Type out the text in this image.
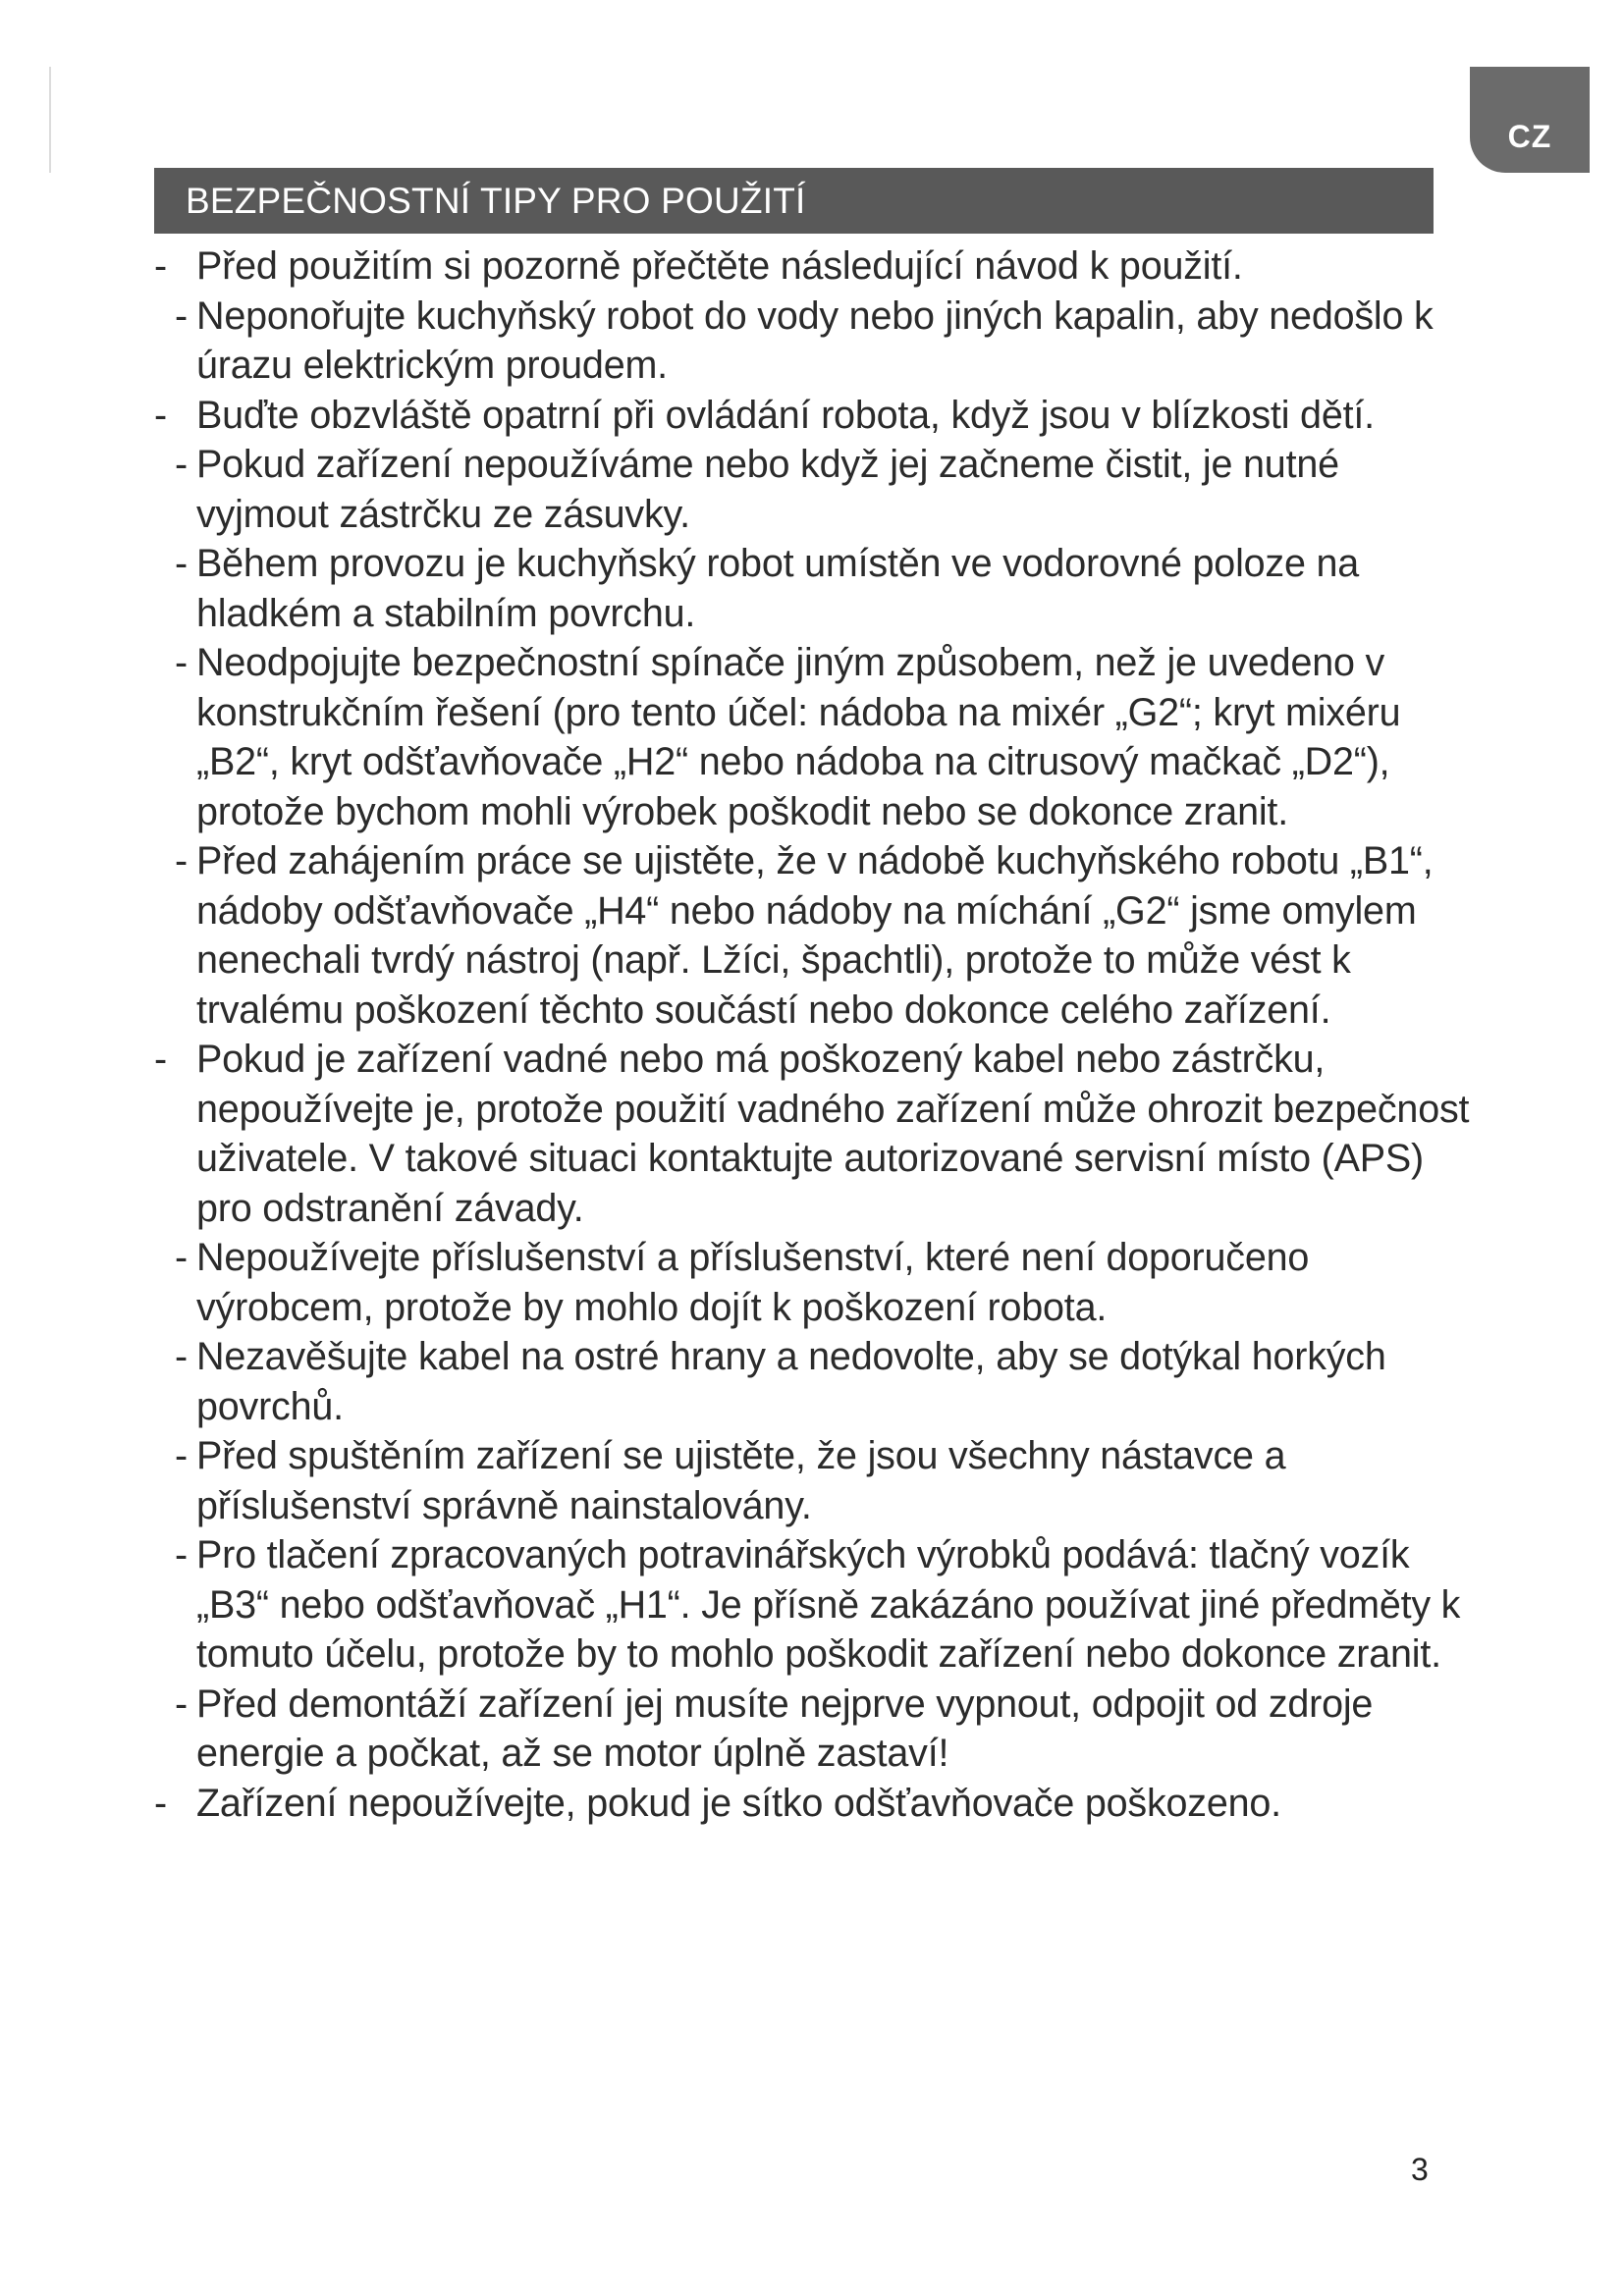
CZ
BEZPEČNOSTNÍ TIPY PRO POUŽITÍ
- Před použitím si pozorně přečtěte následující návod k použití.
- Neponořujte kuchyňský robot do vody nebo jiných kapalin, aby nedošlo k úrazu elektrickým proudem.
- Buďte obzvláště opatrní při ovládání robota, když jsou v blízkosti dětí.
- Pokud zařízení nepoužíváme nebo když jej začneme čistit, je nutné vyjmout zástrčku ze zásuvky.
- Během provozu je kuchyňský robot umístěn ve vodorovné poloze na hladkém a stabilním povrchu.
- Neodpojujte bezpečnostní spínače jiným způsobem, než je uvedeno v konstrukčním řešení (pro tento účel: nádoba na mixér „G2“; kryt mixéru „B2“, kryt odšťavňovače „H2“ nebo nádoba na citrusový mačkač „D2“), protože bychom mohli výrobek poškodit nebo se dokonce zranit.
- Před zahájením práce se ujistěte, že v nádobě kuchyňského robotu „B1“, nádoby odšťavňovače „H4“ nebo nádoby na míchání „G2“ jsme omylem nenechali tvrdý nástroj (např. Lžíci, špachtli), protože to může vést k trvalému poškození těchto součástí nebo dokonce celého zařízení.
- Pokud je zařízení vadné nebo má poškozený kabel nebo zástrčku, nepoužívejte je, protože použití vadného zařízení může ohrozit bezpečnost uživatele. V takové situaci kontaktujte autorizované servisní místo (APS) pro odstranění závady.
- Nepoužívejte příslušenství a příslušenství, které není doporučeno výrobcem, protože by mohlo dojít k poškození robota.
- Nezavěšujte kabel na ostré hrany a nedovolte, aby se dotýkal horkých povrchů.
- Před spuštěním zařízení se ujistěte, že jsou všechny nástavce a příslušenství správně nainstalovány.
- Pro tlačení zpracovaných potravinářských výrobků podává: tlačný vozík „B3“ nebo odšťavňovač „H1“. Je přísně zakázáno používat jiné předměty k tomuto účelu, protože by to mohlo poškodit zařízení nebo dokonce zranit.
- Před demontáží zařízení jej musíte nejprve vypnout, odpojit od zdroje energie a počkat, až se motor úplně zastaví!
- Zařízení nepoužívejte, pokud je sítko odšťavňovače poškozeno.
3
